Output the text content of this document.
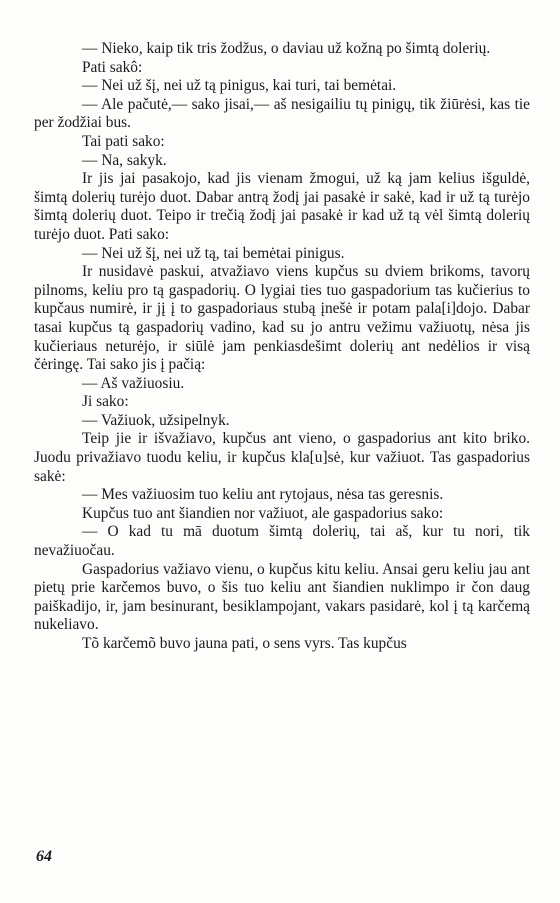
— Nieko, kaip tik tris žodžus, o daviau už kožną po šimtą dolerių.

Pati sakô:

— Nei už šį, nei už tą pinigus, kai turi, tai bemėtai.

— Ale pačutė,— sako jisai,— aš nesigailiu tų pinigų, tik žiūrėsi, kas tie per žodžiai bus.

Tai pati sako:

— Na, sakyk.

Ir jis jai pasakojo, kad jis vienam žmogui, už ką jam kelius išguldė, šimtą dolerių turėjo duot. Dabar antrą žodį jai pasakė ir sakė, kad ir už tą turėjo šimtą dolerių duot. Teipo ir trečią žodį jai pasakė ir kad už tą vėl šimtą dolerių turėjo duot. Pati sako:

— Nei už šį, nei už tą, tai bemėtai pinigus.

Ir nusidavė paskui, atvažiavo viens kupčus su dviem brikoms, tavorų pilnoms, keliu pro tą gaspadorių. O lygiai ties tuo gaspadorium tas kučierius to kupčaus numirė, ir jį į to gaspadoriaus stubą įnešė ir potam pala[i]dojo. Dabar tasai kupčus tą gaspadorių vadino, kad su jo antru vežimu važiuotų, nėsa jis kučieriaus neturėjo, ir siūlė jam penkiasdešimt dolerių ant nedėlios ir visą čėringę. Tai sako jis į pačią:

— Aš važiuosiu.

Ji sako:

— Važiuok, užsipelnyk.

Teip jie ir išvažiavo, kupčus ant vieno, o gaspadorius ant kito briko. Juodu privažiavo tuodu keliu, ir kupčus kla[u]sė, kur važiuot. Tas gaspadorius sakė:

— Mes važiuosim tuo keliu ant rytojaus, nėsa tas geresnis.

Kupčus tuo ant šiandien nor važiuot, ale gaspadorius sako:

— O kad tu mā duotum šimtą dolerių, tai aš, kur tu nori, tik nevažiuočau.

Gaspadorius važiavo vienu, o kupčus kitu keliu. Ansai geru keliu jau ant pietų prie karčemos buvo, o šis tuo keliu ant šiandien nuklimpo ir čon daug paiškadijo, ir, jam besinurant, besiklampojant, vakars pasidarė, kol į tą karčemą nukeliavo.

Tõ karčemõ buvo jauna pati, o sens vyrs. Tas kupčus

64
